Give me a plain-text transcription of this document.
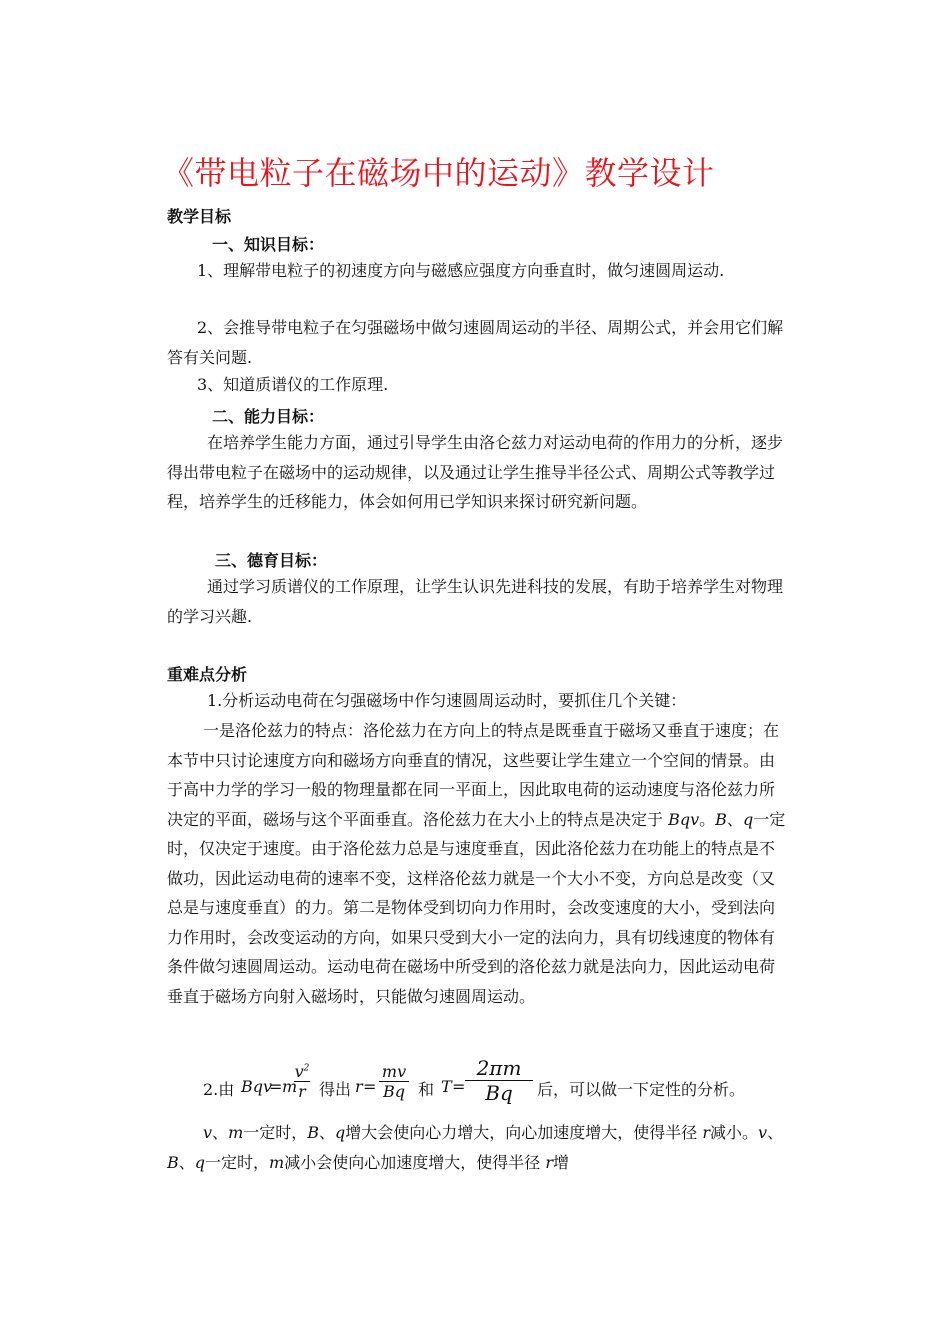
《带电粒子在磁场中的运动》教学设计
教学目标
一、知识目标：
1、理解带电粒子的初速度方向与磁感应强度方向垂直时，做匀速圆周运动.
2、会推导带电粒子在匀强磁场中做匀速圆周运动的半径、周期公式，并会用它们解答有关问题.
3、知道质谱仪的工作原理.
二、能力目标：
在培养学生能力方面，通过引导学生由洛仑兹力对运动电荷的作用力的分析，逐步得出带电粒子在磁场中的运动规律，以及通过让学生推导半径公式、周期公式等教学过程，培养学生的迁移能力，体会如何用已学知识来探讨研究新问题。
三、德育目标：
通过学习质谱仪的工作原理，让学生认识先进科技的发展，有助于培养学生对物理的学习兴趣.
重难点分析
1.分析运动电荷在匀强磁场中作匀速圆周运动时，要抓住几个关键：
一是洛伦兹力的特点：洛伦兹力在方向上的特点是既垂直于磁场又垂直于速度；在本节中只讨论速度方向和磁场方向垂直的情况，这些要让学生建立一个空间的情景。由于高中力学的学习一般的物理量都在同一平面上，因此取电荷的运动速度与洛伦兹力所决定的平面，磁场与这个平面垂直。洛伦兹力在大小上的特点是决定于 Bqv。B、q一定时，仅决定于速度。由于洛伦兹力总是与速度垂直，因此洛伦兹力在功能上的特点是不做功，因此运动电荷的速率不变，这样洛伦兹力就是一个大小不变，方向总是改变（又总是与速度垂直）的力。第二是物体受到切向力作用时，会改变速度的大小，受到法向力作用时，会改变运动的方向，如果只受到大小一定的法向力，具有切线速度的物体有条件做匀速圆周运动。运动电荷在磁场中所受到的洛伦兹力就是法向力，因此运动电荷垂直于磁场方向射入磁场时，只能做匀速圆周运动。
2.由 Bqv
= m
$v^2$
r 得出 r =
mv
Bq 和 T =
2πm
Bq	后，可以做一下定性的分析。
v、m一定时，B、q增大会使向心力增大，向心加速度增大，使得半径 r减小。v、B、q一定时，m减小会使向心加速度增大，使得半径 r增
